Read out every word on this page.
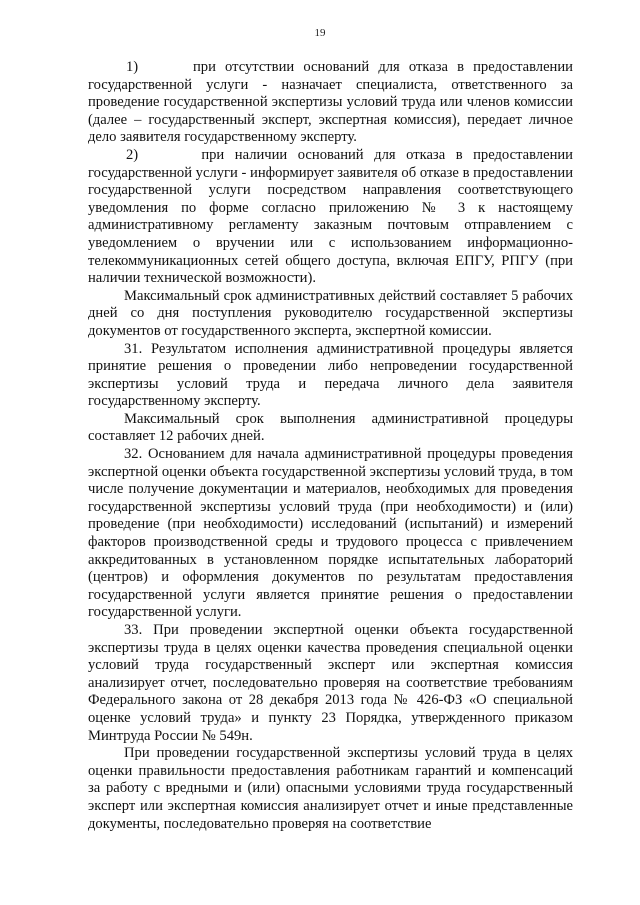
19

1)      при отсутствии оснований для отказа в предоставлении государственной услуги - назначает специалиста, ответственного за проведение государственной экспертизы условий труда или членов комиссии (далее – государственный эксперт, экспертная комиссия), передает личное дело заявителя государственному эксперту.

2)      при наличии оснований для отказа в предоставлении государственной услуги - информирует заявителя об отказе в предоставлении государственной услуги посредством направления соответствующего уведомления по форме согласно приложению № 3 к настоящему административному регламенту заказным почтовым отправлением с уведомлением о вручении или с использованием информационно-телекоммуникационных сетей общего доступа, включая ЕПГУ, РПГУ (при наличии технической возможности).

Максимальный срок административных действий составляет 5 рабочих дней со дня поступления руководителю государственной экспертизы документов от государственного эксперта, экспертной комиссии.

31. Результатом исполнения административной процедуры является принятие решения о проведении либо непроведении государственной экспертизы условий труда и передача личного дела заявителя государственному эксперту.

Максимальный срок выполнения административной процедуры составляет 12 рабочих дней.

32. Основанием для начала административной процедуры проведения экспертной оценки объекта государственной экспертизы условий труда, в том числе получение документации и материалов, необходимых для проведения государственной экспертизы условий труда (при необходимости) и (или) проведение (при необходимости) исследований (испытаний) и измерений факторов производственной среды и трудового процесса с привлечением аккредитованных в установленном порядке испытательных лабораторий (центров) и оформления документов по результатам предоставления государственной услуги является принятие решения о предоставлении государственной услуги.

33. При проведении экспертной оценки объекта государственной экспертизы труда в целях оценки качества проведения специальной оценки условий труда государственный эксперт или экспертная комиссия анализирует отчет, последовательно проверяя на соответствие требованиям Федерального закона от 28 декабря 2013 года № 426-ФЗ «О специальной оценке условий труда» и пункту 23 Порядка, утвержденного приказом Минтруда России № 549н.

При проведении государственной экспертизы условий труда в целях оценки правильности предоставления работникам гарантий и компенсаций за работу с вредными и (или) опасными условиями труда государственный эксперт или экспертная комиссия анализирует отчет и иные представленные документы, последовательно проверяя на соответствие
